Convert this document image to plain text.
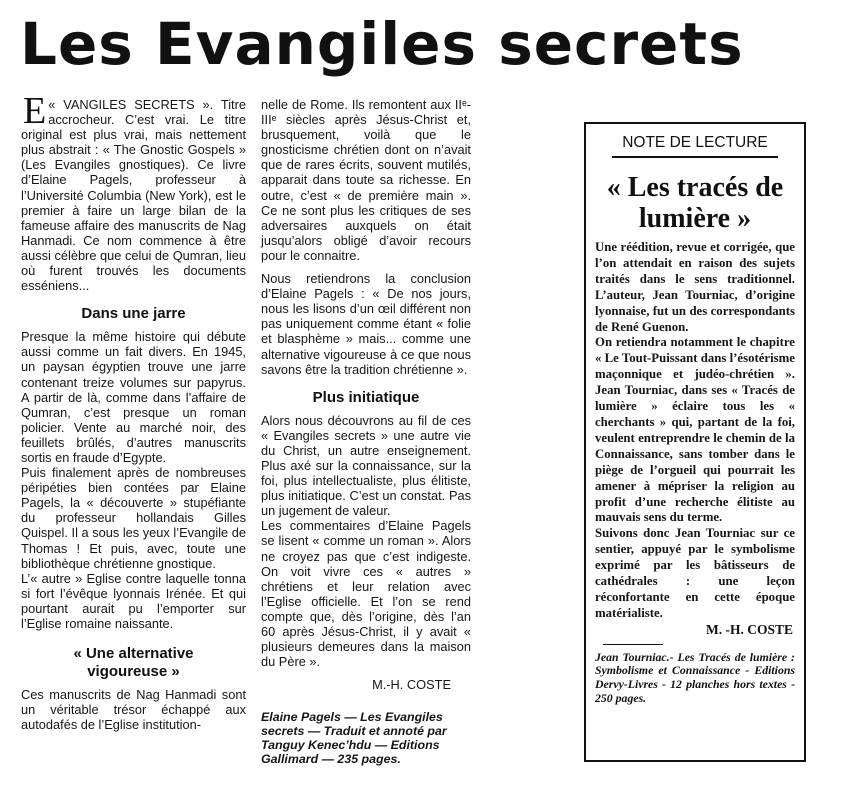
Les Evangiles secrets

«
E VANGILES SECRETS ». Titre accrocheur. C’est vrai. Le titre original est plus vrai, mais nettement plus abstrait : « The Gnostic Gospels » (Les Evangiles gnostiques). Ce livre d’Elaine Pagels, professeur à l’Université Columbia (New York), est le premier à faire un large bilan de la fameuse affaire des manuscrits de Nag Hanmadi. Ce nom commence à être aussi célèbre que celui de Qumran, lieu où furent trouvés les documents esséniens...

Dans une jarre

Presque la même histoire qui débute aussi comme un fait divers. En 1945, un paysan égyptien trouve une jarre contenant treize volumes sur papyrus. A partir de là, comme dans l’affaire de Qumran, c’est presque un roman policier. Vente au marché noir, des feuillets brûlés, d’autres manuscrits sortis en fraude d’Egypte.

Puis finalement après de nombreuses péripéties bien contées par Elaine Pagels, la « découverte » stupéfiante du professeur hollandais Gilles Quispel. Il a sous les yeux l’Evangile de Thomas ! Et puis, avec, toute une bibliothèque chrétienne gnostique.

L’« autre » Eglise contre laquelle tonna si fort l’évêque lyonnais Irénée. Et qui pourtant aurait pu l’emporter sur l’Eglise romaine naissante.

« Une alternative
vigoureuse »

Ces manuscrits de Nag Hanmadi sont un véritable trésor échappé aux autodafés de l’Eglise institution-

nelle de Rome. Ils remontent aux IIᵉ-IIIᵉ siècles après Jésus-Christ et, brusquement, voilà que le gnosticisme chrétien dont on n’avait que de rares écrits, souvent mutilés, apparait dans toute sa richesse. En outre, c’est « de première main ». Ce ne sont plus les critiques de ses adversaires auxquels on était jusqu’alors obligé d’avoir recours pour le connaitre.

Nous retiendrons la conclusion d’Elaine Pagels : « De nos jours, nous les lisons d’un œil différent non pas uniquement comme étant « folie et blasphème » mais... comme une alternative vigoureuse à ce que nous savons être la tradition chrétienne ».

Plus initiatique

Alors nous découvrons au fil de ces « Evangiles secrets » une autre vie du Christ, un autre enseignement. Plus axé sur la connaissance, sur la foi, plus intellectualiste, plus élitiste, plus initiatique. C’est un constat. Pas un jugement de valeur.

Les commentaires d’Elaine Pagels se lisent « comme un roman ». Alors ne croyez pas que c’est indigeste. On voit vivre ces « autres » chrétiens et leur relation avec l’Eglise officielle. Et l’on se rend compte que, dès l’origine, dès l’an 60 après Jésus-Christ, il y avait « plusieurs demeures dans la maison du Père ».

M.-H. COSTE

Elaine Pagels — Les Evangiles secrets — Traduit et annoté par Tanguy Kenec’hdu — Editions Gallimard — 235 pages.

NOTE DE LECTURE
« Les tracés de lumière »

Une réédition, revue et corrigée, que l’on attendait en raison des sujets traités dans le sens traditionnel. L’auteur, Jean Tourniac, d’origine lyonnaise, fut un des correspondants de René Guenon.

On retiendra notamment le chapitre « Le Tout-Puissant dans l’ésotérisme maçonnique et judéo-chrétien ». Jean Tourniac, dans ses « Tracés de lumière » éclaire tous les « cherchants » qui, partant de la foi, veulent entreprendre le chemin de la Connaissance, sans tomber dans le piège de l’orgueil qui pourrait les amener à mépriser la religion au profit d’une recherche élitiste au mauvais sens du terme.

Suivons donc Jean Tourniac sur ce sentier, appuyé par le symbolisme exprimé par les bâtisseurs de cathédrales : une leçon réconfortante en cette époque matérialiste.

M. -H. COSTE
Jean Tourniac.- Les Tracés de lumière : Symbolisme et Connaissance - Editions Dervy-Livres - 12 planches hors textes - 250 pages.
